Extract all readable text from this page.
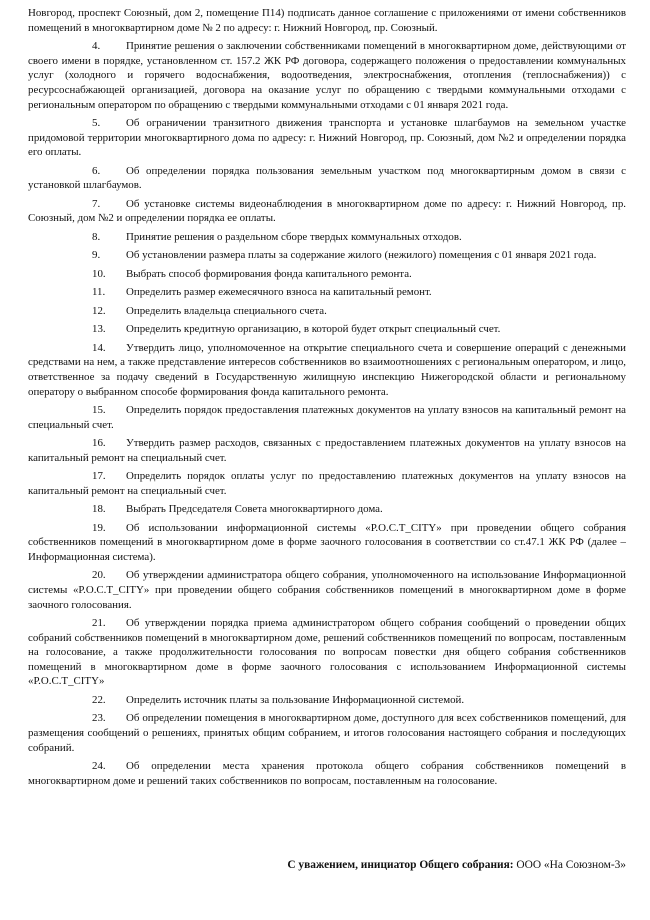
Новгород, проспект Союзный, дом 2, помещение П14) подписать данное соглашение с приложениями от имени собственников помещений в многоквартирном доме № 2 по адресу: г. Нижний Новгород, пр. Союзный.

4. Принятие решения о заключении собственниками помещений в многоквартирном доме, действующими от своего имени в порядке, установленном ст. 157.2 ЖК РФ договора, содержащего положения о предоставлении коммунальных услуг (холодного и горячего водоснабжения, водоотведения, электроснабжения, отопления (теплоснабжения)) с ресурсоснабжающей организацией, договора на оказание услуг по обращению с твердыми коммунальными отходами с региональным оператором по обращению с твердыми коммунальными отходами с 01 января 2021 года.

5. Об ограничении транзитного движения транспорта и установке шлагбаумов на земельном участке придомовой территории многоквартирного дома по адресу: г. Нижний Новгород, пр. Союзный, дом №2 и определении порядка его оплаты.

6. Об определении порядка пользования земельным участком под многоквартирным домом в связи с установкой шлагбаумов.

7. Об установке системы видеонаблюдения в многоквартирном доме по адресу: г. Нижний Новгород, пр. Союзный, дом №2 и определении порядка ее оплаты.

8. Принятие решения о раздельном сборе твердых коммунальных отходов.

9. Об установлении размера платы за содержание жилого (нежилого) помещения с 01 января 2021 года.

10. Выбрать способ формирования фонда капитального ремонта.

11. Определить размер ежемесячного взноса на капитальный ремонт.

12. Определить владельца специального счета.

13. Определить кредитную организацию, в которой будет открыт специальный счет.

14. Утвердить лицо, уполномоченное на открытие специального счета и совершение операций с денежными средствами на нем, а также представление интересов собственников во взаимоотношениях с региональным оператором, и лицо, ответственное за подачу сведений в Государственную жилищную инспекцию Нижегородской области и региональному оператору о выбранном способе формирования фонда капитального ремонта.

15. Определить порядок предоставления платежных документов на уплату взносов на капитальный ремонт на специальный счет.

16. Утвердить размер расходов, связанных с предоставлением платежных документов на уплату взносов на капитальный ремонт на специальный счет.

17. Определить порядок оплаты услуг по предоставлению платежных документов на уплату взносов на капитальный ремонт на специальный счет.

18. Выбрать Председателя Совета многоквартирного дома.

19. Об использовании информационной системы «Р.О.С.Т_CITY» при проведении общего собрания собственников помещений в многоквартирном доме в форме заочного голосования в соответствии со ст.47.1 ЖК РФ (далее – Информационная система).

20. Об утверждении администратора общего собрания, уполномоченного на использование Информационной системы «Р.О.С.Т_CITY» при проведении общего собрания собственников помещений в многоквартирном доме в форме заочного голосования.

21. Об утверждении порядка приема администратором общего собрания сообщений о проведении общих собраний собственников помещений в многоквартирном доме, решений собственников помещений по вопросам, поставленным на голосование, а также продолжительности голосования по вопросам повестки дня общего собрания собственников помещений в многоквартирном доме в форме заочного голосования с использованием Информационной системы «Р.О.С.Т_CITY»

22. Определить источник платы за пользование Информационной системой.

23. Об определении помещения в многоквартирном доме, доступного для всех собственников помещений, для размещения сообщений о решениях, принятых общим собранием, и итогов голосования настоящего собрания и последующих собраний.

24. Об определении места хранения протокола общего собрания собственников помещений в многоквартирном доме и решений таких собственников по вопросам, поставленным на голосование.

С уважением, инициатор Общего собрания: ООО «На Союзном-3»
